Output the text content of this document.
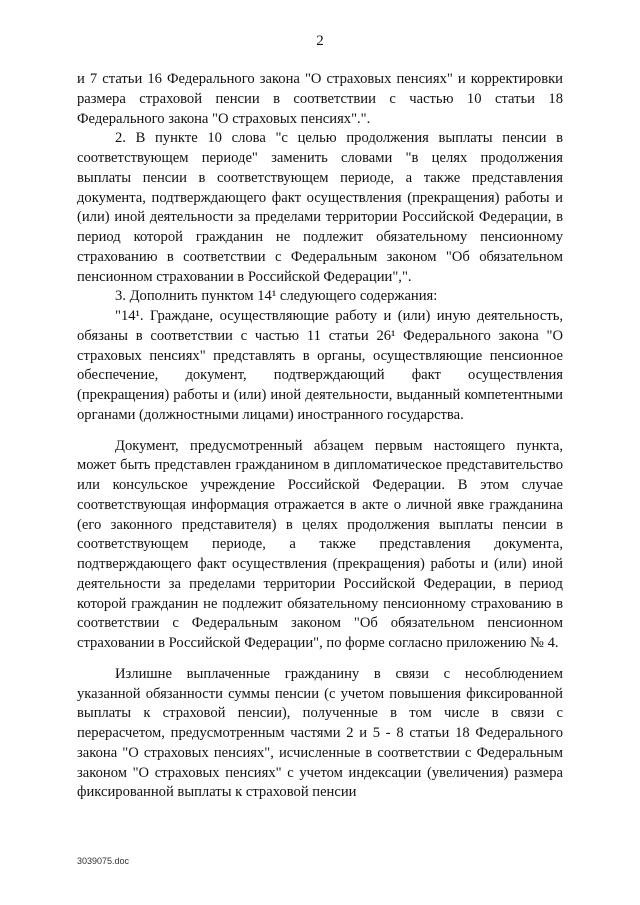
2

и 7 статьи 16 Федерального закона "О страховых пенсиях" и корректировки размера страховой пенсии в соответствии с частью 10 статьи 18 Федерального закона "О страховых пенсиях".".

2. В пункте 10 слова "с целью продолжения выплаты пенсии в соответствующем периоде" заменить словами "в целях продолжения выплаты пенсии в соответствующем периоде, а также представления документа, подтверждающего факт осуществления (прекращения) работы и (или) иной деятельности за пределами территории Российской Федерации, в период которой гражданин не подлежит обязательному пенсионному страхованию в соответствии с Федеральным законом "Об обязательном пенсионном страховании в Российской Федерации",".

3. Дополнить пунктом 14¹ следующего содержания:

"14¹. Граждане, осуществляющие работу и (или) иную деятельность, обязаны в соответствии с частью 11 статьи 26¹ Федерального закона "О страховых пенсиях" представлять в органы, осуществляющие пенсионное обеспечение, документ, подтверждающий факт осуществления (прекращения) работы и (или) иной деятельности, выданный компетентными органами (должностными лицами) иностранного государства.

Документ, предусмотренный абзацем первым настоящего пункта, может быть представлен гражданином в дипломатическое представительство или консульское учреждение Российской Федерации. В этом случае соответствующая информация отражается в акте о личной явке гражданина (его законного представителя) в целях продолжения выплаты пенсии в соответствующем периоде, а также представления документа, подтверждающего факт осуществления (прекращения) работы и (или) иной деятельности за пределами территории Российской Федерации, в период которой гражданин не подлежит обязательному пенсионному страхованию в соответствии с Федеральным законом "Об обязательном пенсионном страховании в Российской Федерации", по форме согласно приложению № 4.

Излишне выплаченные гражданину в связи с несоблюдением указанной обязанности суммы пенсии (с учетом повышения фиксированной выплаты к страховой пенсии), полученные в том числе в связи с перерасчетом, предусмотренным частями 2 и 5 - 8 статьи 18 Федерального закона "О страховых пенсиях", исчисленные в соответствии с Федеральным законом "О страховых пенсиях" с учетом индексации (увеличения) размера фиксированной выплаты к страховой пенсии

3039075.doc
